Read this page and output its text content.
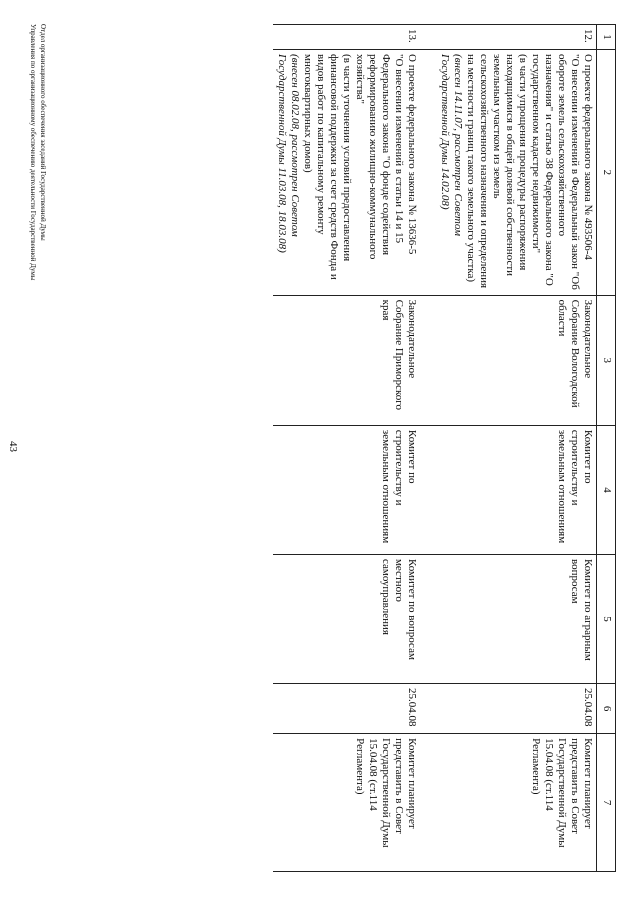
43
1	2	3	4	5	6	7
12.	О проекте федерального закона № 493506-4
"О внесении изменений в Федеральный закон "Об обороте земель сельскохозяйственного назначения" и статью 38 Федерального закона "О государственном кадастре недвижимости"
(в части упрощения процедуры распоряжения находящимися в общей долевой собственности земельным участком из земель сельскохозяйственного назначения и определения на местности границ такого земельного участка)
(внесен 14.11.07, рассмотрен Советом Государственной Думы 14.02.08)	Законодательное Собрание Вологодской области	Комитет по строительству и земельным отношениям	Комитет по аграрным вопросам	25.04.08	Комитет планирует представить в Совет Государственной Думы 15.04.08 (ст.114 Регламента)
13.	О проекте федерального закона № 13636-5
"О внесении изменений в статьи 14 и 15 Федерального закона "О фонде содействия реформированию жилищно-коммунального хозяйства"
(в части уточнения условий предоставления финансовой поддержки за счет средств Фонда и видов работ по капитальному ремонту многоквартирных домов)
(внесен 08.02.08, рассмотрен Советом Государственной Думы 11.03.08, 18.03.08)	Законодательное Собрание Приморского края	Комитет по строительству и земельным отношениям	Комитет по вопросам местного самоуправления	25.04.08	Комитет планирует представить в Совет Государственной Думы 15.04.08 (ст.114 Регламента)
Отдел организационного обеспечения заседаний Государственной Думы
Управления по организационному обеспечению деятельности Государственной Думы
